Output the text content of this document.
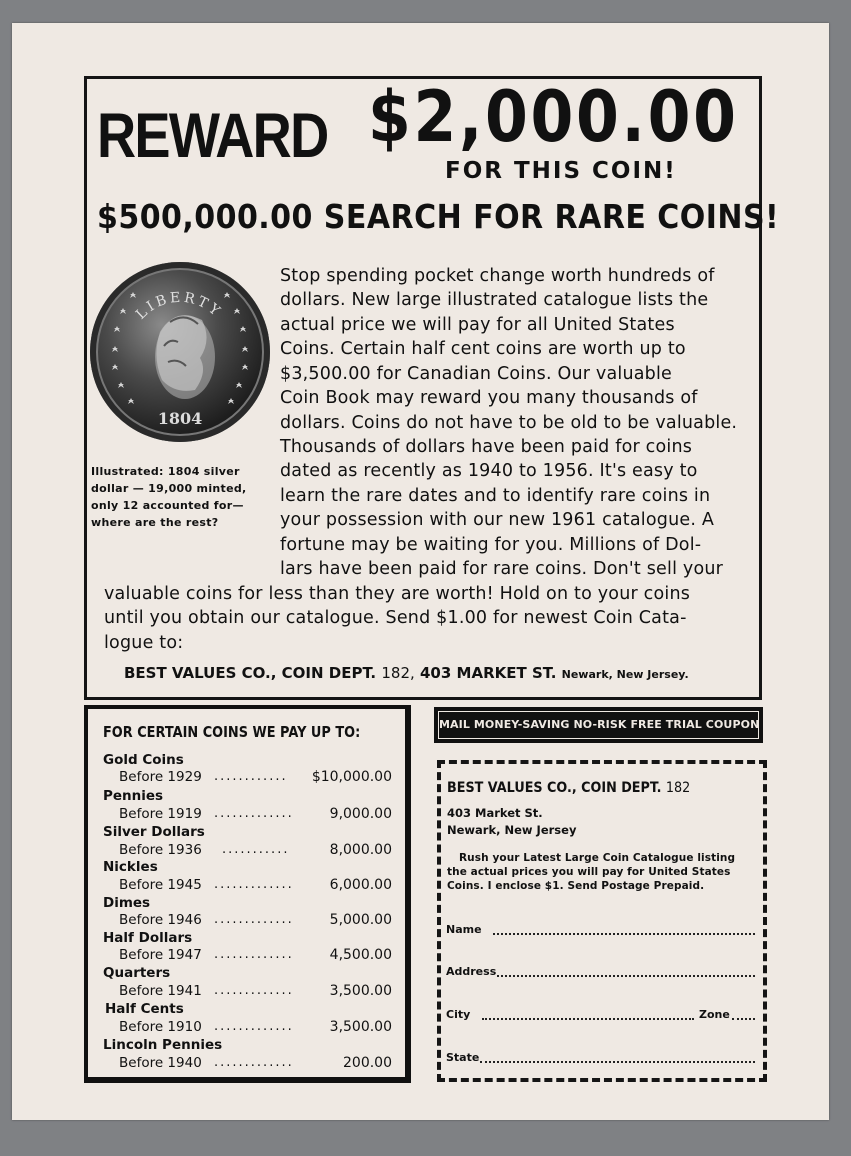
REWARD $2,000.00
FOR THIS COIN!
$500,000.00 SEARCH FOR RARE COINS!
LIBERTY
1804
Illustrated: 1804 silver
dollar — 19,000 minted,
only 12 accounted for—
where are the rest?
Stop spending pocket change worth hundreds of
dollars. New large illustrated catalogue lists the
actual price we will pay for all United States
Coins. Certain half cent coins are worth up to
$3,500.00 for Canadian Coins. Our valuable
Coin Book may reward you many thousands of
dollars. Coins do not have to be old to be valuable.
Thousands of dollars have been paid for coins
dated as recently as 1940 to 1956. It's easy to
learn the rare dates and to identify rare coins in
your possession with our new 1961 catalogue. A
fortune may be waiting for you. Millions of Dol-
lars have been paid for rare coins. Don't sell your
valuable coins for less than they are worth! Hold on to your coins
until you obtain our catalogue. Send $1.00 for newest Coin Cata-
logue to:
BEST VALUES CO., COIN DEPT. 182, 403 MARKET ST. Newark, New Jersey.
FOR CERTAIN COINS WE PAY UP TO:
Gold Coins
Before 1929 ............	$10,000.00
Pennies
Before 1919 .............	9,000.00
Silver Dollars
Before 1936 ...........	8,000.00
Nickles
Before 1945 .............	6,000.00
Dimes
Before 1946 .............	5,000.00
Half Dollars
Before 1947 .............	4,500.00
Quarters
Before 1941 .............	3,500.00
Half Cents
Before 1910 .............	3,500.00
Lincoln Pennies
Before 1940 .............	200.00
MAIL MONEY-SAVING NO-RISK FREE TRIAL COUPON NOW!
BEST VALUES CO., COIN DEPT. 182
403 Market St.
Newark, New Jersey
Rush your Latest Large Coin Catalogue listing
the actual prices you will pay for United States
Coins. I enclose $1. Send Postage Prepaid.
Name
Address
City	Zone
State
